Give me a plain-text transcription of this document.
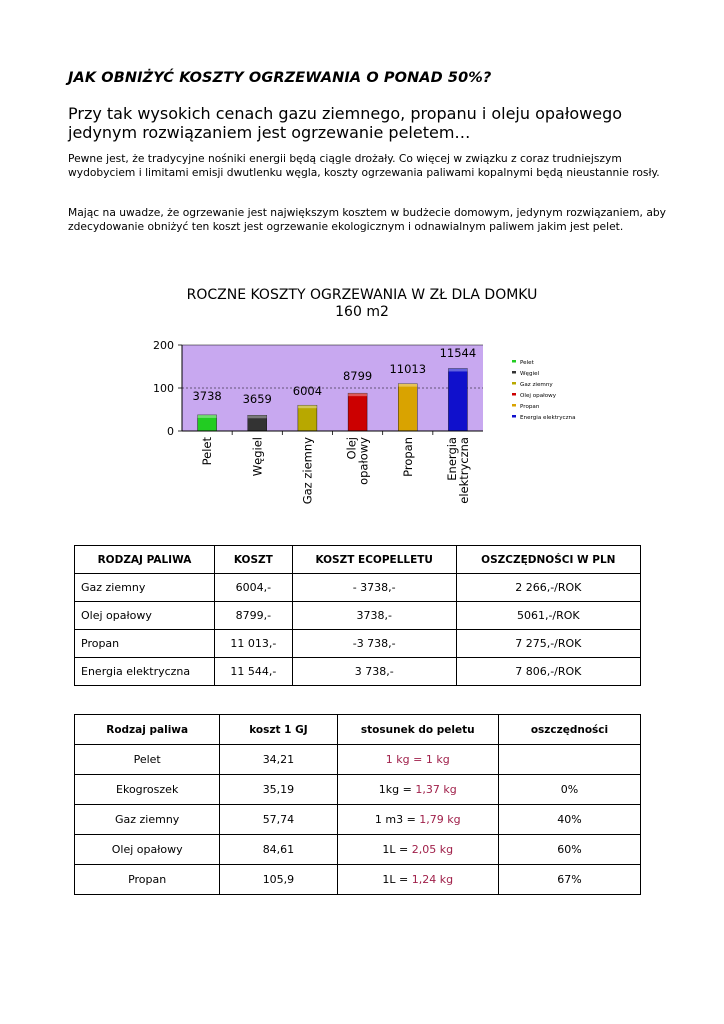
JAK OBNIŻYĆ KOSZTY OGRZEWANIA O PONAD 50%?
Przy tak wysokich cenach gazu ziemnego, propanu i oleju opałowego jedynym rozwiązaniem jest ogrzewanie peletem…
Pewne jest, że tradycyjne nośniki energii będą ciągle drożały. Co więcej w związku z coraz trudniejszym wydobyciem i limitami emisji dwutlenku węgla, koszty ogrzewania paliwami kopalnymi będą nieustannie rosły.
Mając na uwadze, że ogrzewanie jest największym kosztem w budżecie domowym, jedynym rozwiązaniem, aby zdecydowanie obniżyć ten koszt jest ogrzewanie ekologicznym i odnawialnym paliwem jakim jest pelet.
ROCZNE KOSZTY OGRZEWANIA W ZŁ DLA DOMKU
160 m2
3738 3659
6004
8799 11013
11544
0
100
200
Pelet	Węgiel	Gaz ziemny	Olej
opałowy	Propan	Energia
elektryczna
Pelet
Węgiel
Gaz ziemny
Olej opałowy
Propan
Energia elektryczna
RODZAJ PALIWA	KOSZT	KOSZT ECOPELLETU	OSZCZĘDNOŚCI W PLN
Gaz ziemny	6004,-	- 3738,-	2 266,-/ROK
Olej opałowy	8799,-	3738,-	5061,-/ROK
Propan	11 013,-	-3 738,-	7 275,-/ROK
Energia elektryczna	11 544,-	3 738,-	7 806,-/ROK
Rodzaj paliwa	koszt 1 GJ	stosunek do peletu	oszczędności
Pelet	34,21	1 kg = 1 kg	
Ekogroszek	35,19	1kg = 1,37 kg	0%
Gaz ziemny	57,74	1 m3 = 1,79 kg	40%
Olej opałowy	84,61	1L = 2,05 kg	60%
Propan	105,9	1L = 1,24 kg	67%
